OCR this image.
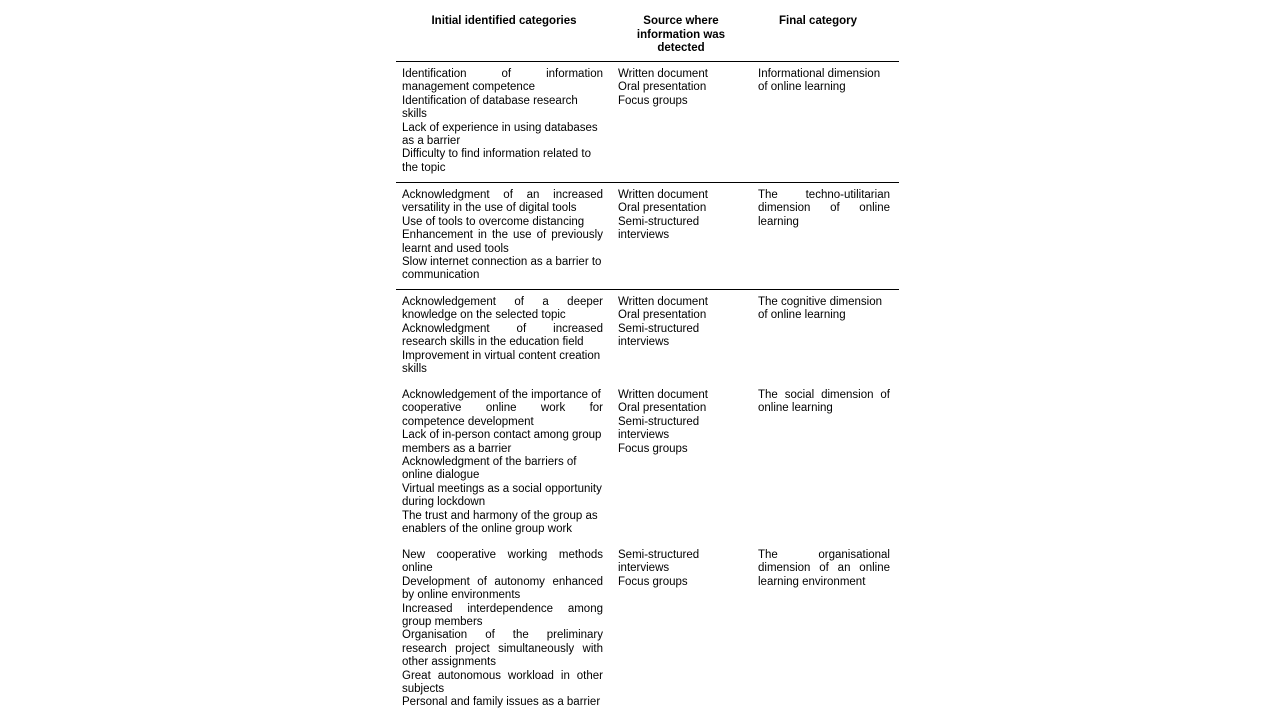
Initial identified categories	Source where
information was
detected
Final category
Identification of information
management competence
Identification of database research
skills
Lack of experience in using databases
as a barrier
Difficulty to find information related to
the topic
Written document
Oral presentation
Focus groups
Informational dimension
of online learning
Acknowledgment of an increased
versatility in the use of digital tools
Use of tools to overcome distancing
Enhancement in the use of previously
learnt and used tools
Slow internet connection as a barrier to
communication
Written document
Oral presentation
Semi-structured
interviews
The techno-utilitarian
dimension of online
learning
Acknowledgement of a deeper
knowledge on the selected topic
Acknowledgment of increased
research skills in the education field
Improvement in virtual content creation
skills
Written document
Oral presentation
Semi-structured
interviews
The cognitive dimension
of online learning
Acknowledgement of the importance of
cooperative online work for
competence development
Lack of in-person contact among group
members as a barrier
Acknowledgment of the barriers of
online dialogue
Virtual meetings as a social opportunity
during lockdown
The trust and harmony of the group as
enablers of the online group work
Written document
Oral presentation
Semi-structured
interviews
Focus groups
The social dimension of
online learning
New cooperative working methods
online
Development of autonomy enhanced
by online environments
Increased interdependence among
group members
Organisation of the preliminary
research project simultaneously with
other assignments
Great autonomous workload in other
subjects
Personal and family issues as a barrier
Semi-structured
interviews
Focus groups
The organisational
dimension of an online
learning environment
